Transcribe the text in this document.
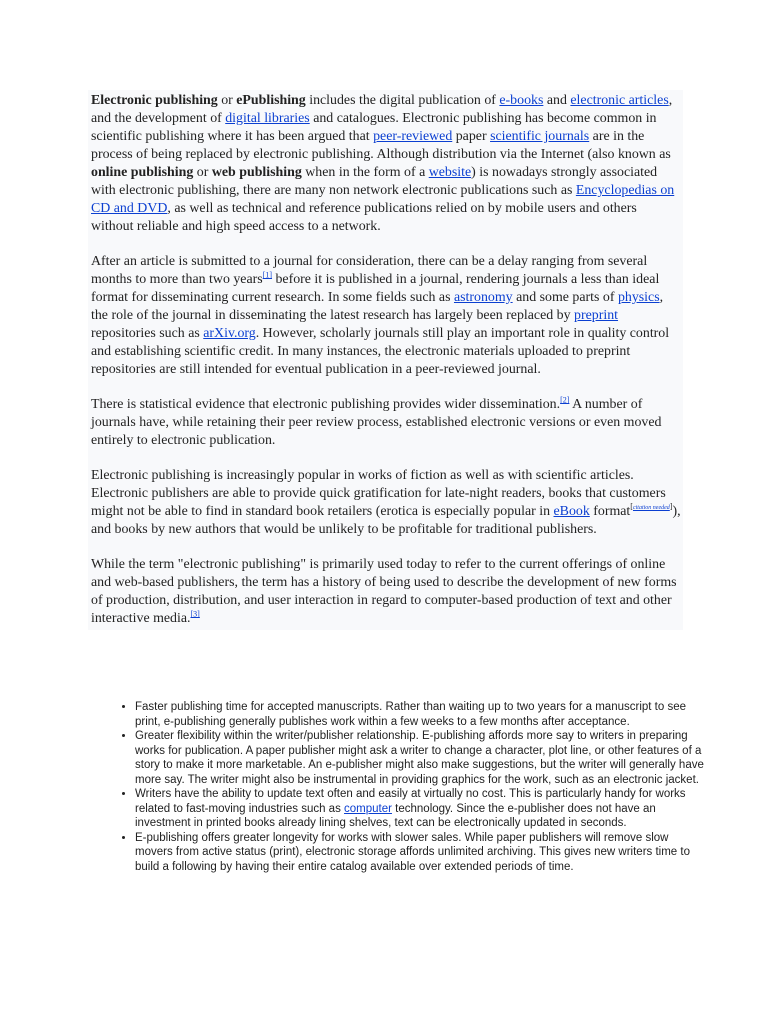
Electronic publishing or ePublishing includes the digital publication of e-books and electronic articles, and the development of digital libraries and catalogues. Electronic publishing has become common in scientific publishing where it has been argued that peer-reviewed paper scientific journals are in the process of being replaced by electronic publishing. Although distribution via the Internet (also known as online publishing or web publishing when in the form of a website) is nowadays strongly associated with electronic publishing, there are many non network electronic publications such as Encyclopedias on CD and DVD, as well as technical and reference publications relied on by mobile users and others without reliable and high speed access to a network.

After an article is submitted to a journal for consideration, there can be a delay ranging from several months to more than two years[1] before it is published in a journal, rendering journals a less than ideal format for disseminating current research. In some fields such as astronomy and some parts of physics, the role of the journal in disseminating the latest research has largely been replaced by preprint repositories such as arXiv.org. However, scholarly journals still play an important role in quality control and establishing scientific credit. In many instances, the electronic materials uploaded to preprint repositories are still intended for eventual publication in a peer-reviewed journal.

There is statistical evidence that electronic publishing provides wider dissemination.[2] A number of journals have, while retaining their peer review process, established electronic versions or even moved entirely to electronic publication.

Electronic publishing is increasingly popular in works of fiction as well as with scientific articles. Electronic publishers are able to provide quick gratification for late-night readers, books that customers might not be able to find in standard book retailers (erotica is especially popular in eBook format[citation needed]), and books by new authors that would be unlikely to be profitable for traditional publishers.

While the term "electronic publishing" is primarily used today to refer to the current offerings of online and web-based publishers, the term has a history of being used to describe the development of new forms of production, distribution, and user interaction in regard to computer-based production of text and other interactive media.[3]

• Faster publishing time for accepted manuscripts. Rather than waiting up to two years for a manuscript to see print, e-publishing generally publishes work within a few weeks to a few months after acceptance.
• Greater flexibility within the writer/publisher relationship. E-publishing affords more say to writers in preparing works for publication. A paper publisher might ask a writer to change a character, plot line, or other features of a story to make it more marketable. An e-publisher might also make suggestions, but the writer will generally have more say. The writer might also be instrumental in providing graphics for the work, such as an electronic jacket.
• Writers have the ability to update text often and easily at virtually no cost. This is particularly handy for works related to fast-moving industries such as computer technology. Since the e-publisher does not have an investment in printed books already lining shelves, text can be electronically updated in seconds.
• E-publishing offers greater longevity for works with slower sales. While paper publishers will remove slow movers from active status (print), electronic storage affords unlimited archiving. This gives new writers time to build a following by having their entire catalog available over extended periods of time.
